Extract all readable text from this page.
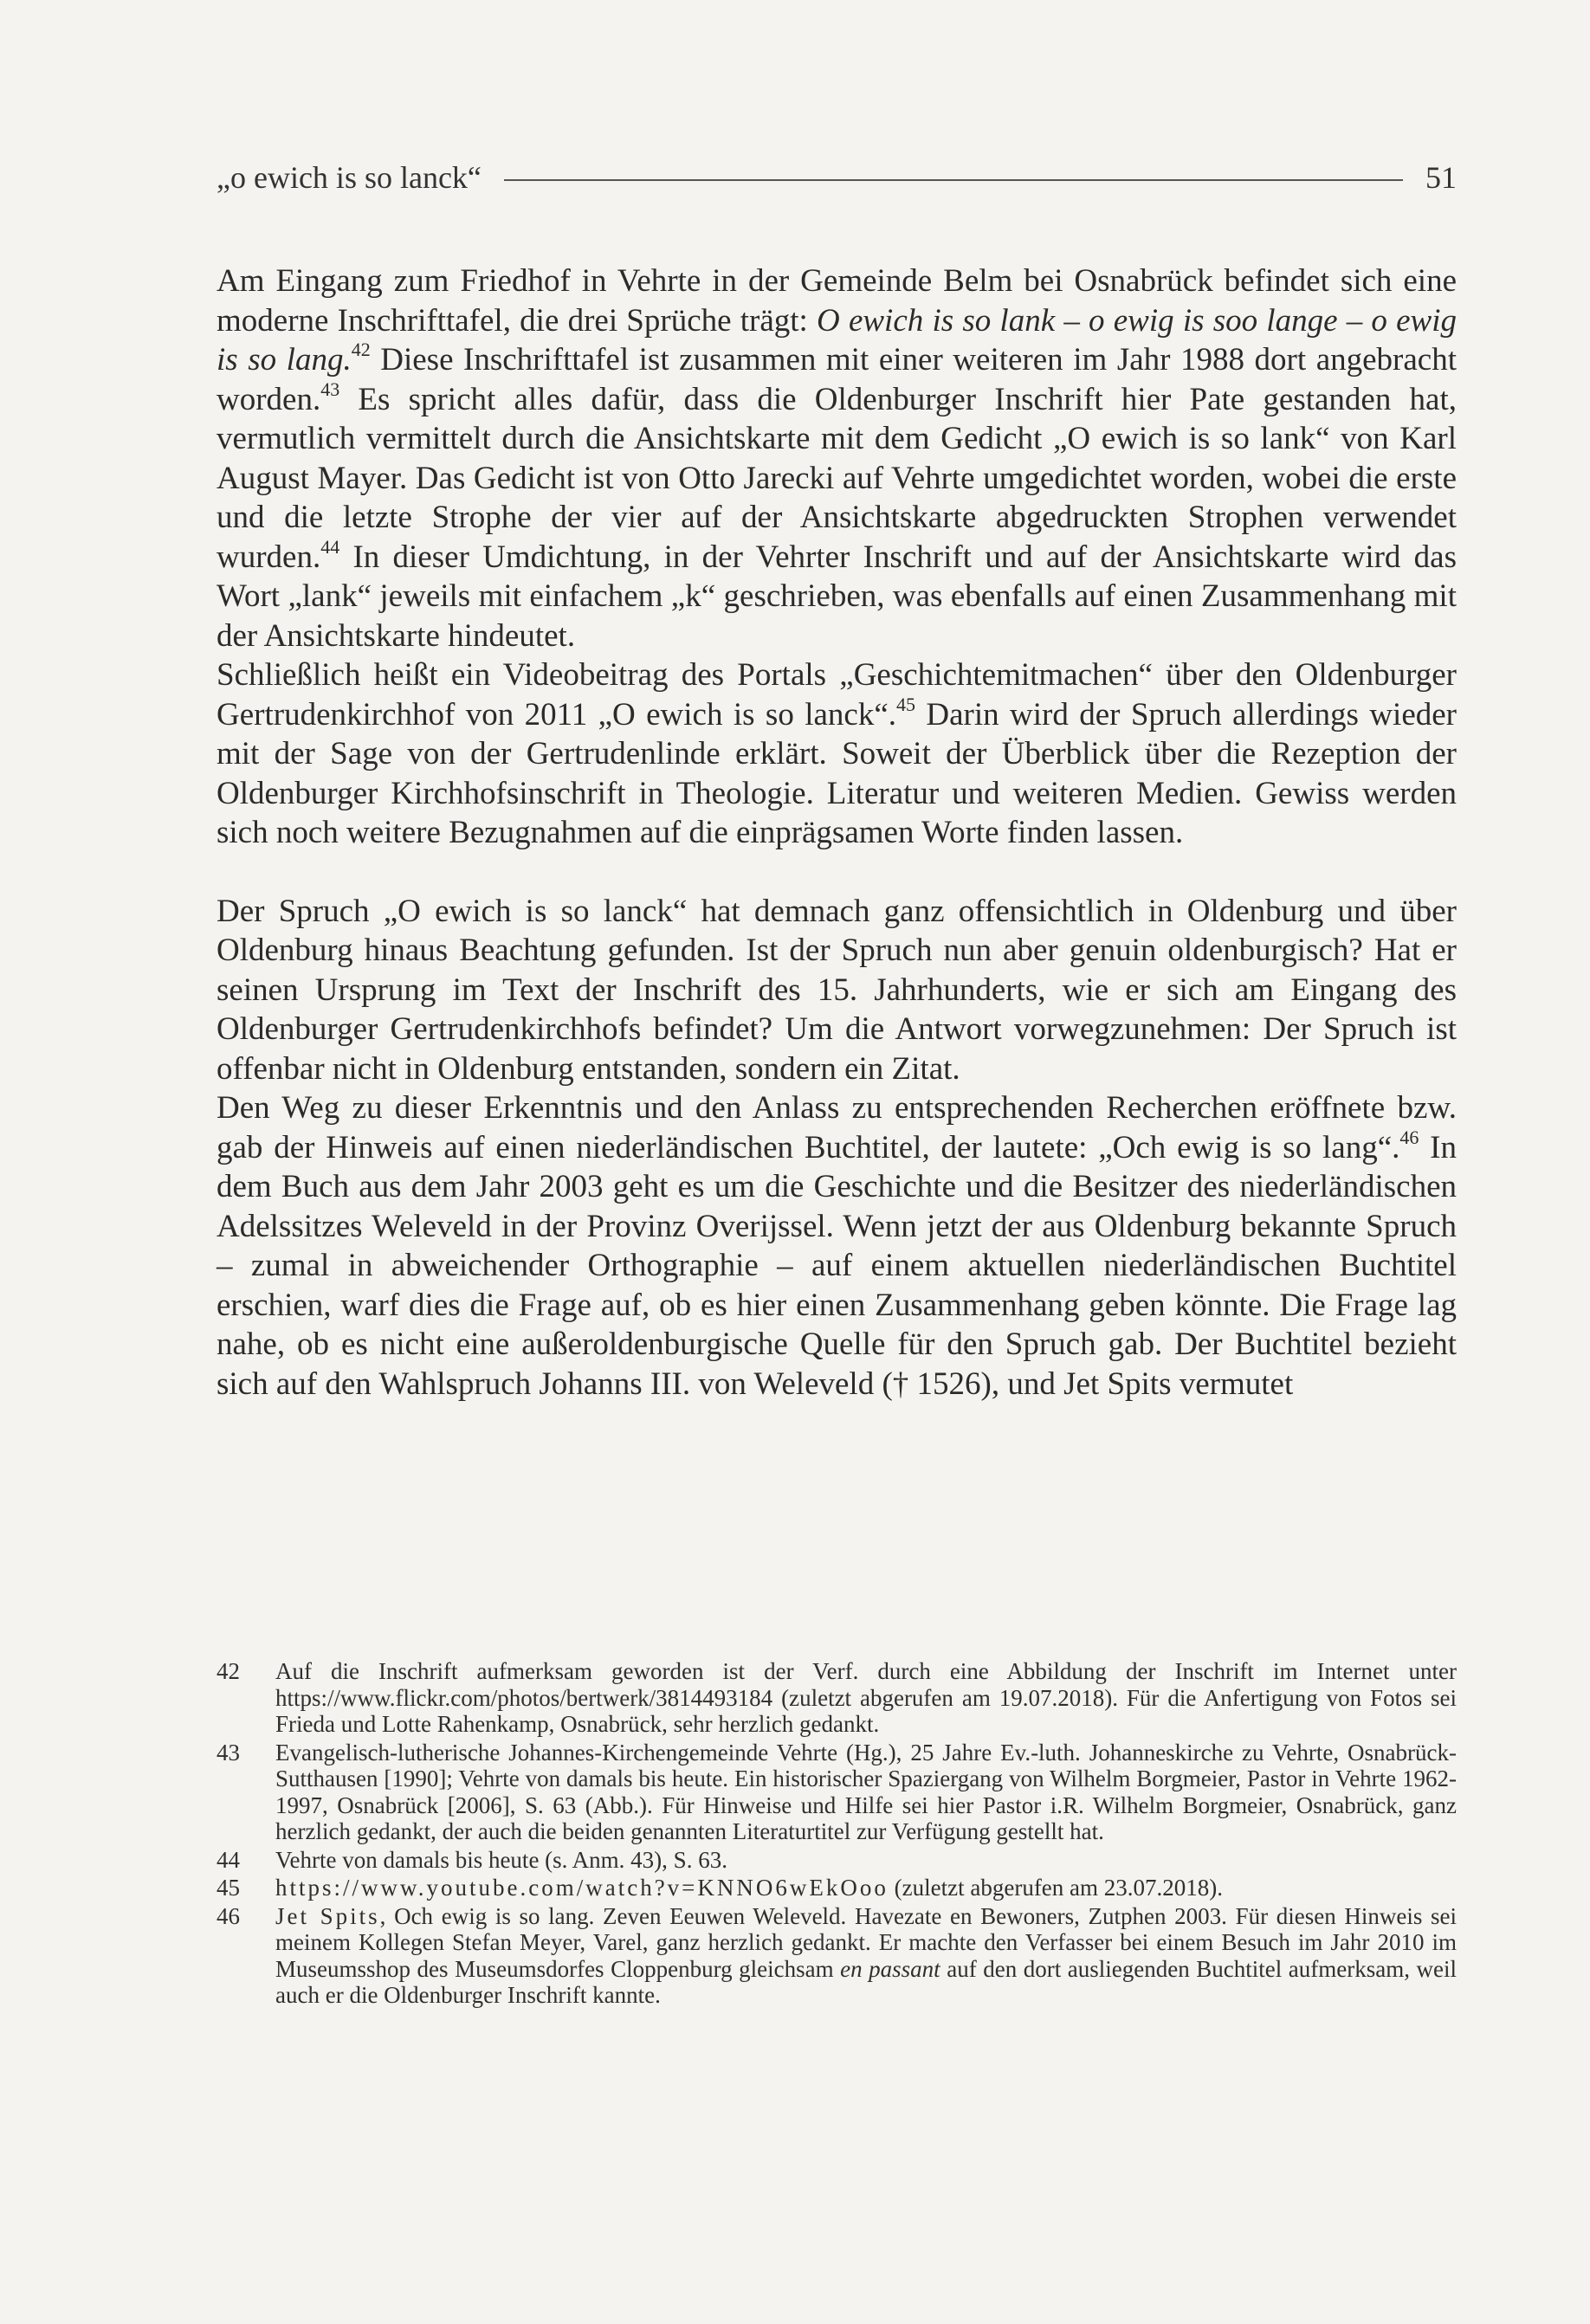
„o ewich is so lanck“	51

Am Eingang zum Friedhof in Vehrte in der Gemeinde Belm bei Osnabrück befindet sich eine moderne Inschrifttafel, die drei Sprüche trägt: O ewich is so lank – o ewig is soo lange – o ewig is so lang.$^{42}$ Diese Inschrifttafel ist zusammen mit einer weiteren im Jahr 1988 dort angebracht worden.$^{43}$ Es spricht alles dafür, dass die Oldenburger Inschrift hier Pate gestanden hat, vermutlich vermittelt durch die Ansichtskarte mit dem Gedicht „O ewich is so lank“ von Karl August Mayer. Das Gedicht ist von Otto Jarecki auf Vehrte umgedichtet worden, wobei die erste und die letzte Strophe der vier auf der Ansichtskarte abgedruckten Strophen verwendet wurden.$^{44}$ In dieser Umdichtung, in der Vehrter Inschrift und auf der Ansichtskarte wird das Wort „lank“ jeweils mit einfachem „k“ geschrieben, was ebenfalls auf einen Zusammenhang mit der Ansichtskarte hindeutet.

Schließlich heißt ein Videobeitrag des Portals „Geschichtemitmachen“ über den Oldenburger Gertrudenkirchhof von 2011 „O ewich is so lanck“.$^{45}$ Darin wird der Spruch allerdings wieder mit der Sage von der Gertrudenlinde erklärt. Soweit der Überblick über die Rezeption der Oldenburger Kirchhofsinschrift in Theologie. Literatur und weiteren Medien. Gewiss werden sich noch weitere Bezugnahmen auf die einprägsamen Worte finden lassen.

Der Spruch „O ewich is so lanck“ hat demnach ganz offensichtlich in Oldenburg und über Oldenburg hinaus Beachtung gefunden. Ist der Spruch nun aber genuin oldenburgisch? Hat er seinen Ursprung im Text der Inschrift des 15. Jahrhunderts, wie er sich am Eingang des Oldenburger Gertrudenkirchhofs befindet? Um die Antwort vorwegzunehmen: Der Spruch ist offenbar nicht in Oldenburg entstanden, sondern ein Zitat.

Den Weg zu dieser Erkenntnis und den Anlass zu entsprechenden Recherchen eröffnete bzw. gab der Hinweis auf einen niederländischen Buchtitel, der lautete: „Och ewig is so lang“.$^{46}$ In dem Buch aus dem Jahr 2003 geht es um die Geschichte und die Besitzer des niederländischen Adelssitzes Weleveld in der Provinz Overijssel. Wenn jetzt der aus Oldenburg bekannte Spruch – zumal in abweichender Orthographie – auf einem aktuellen niederländischen Buchtitel erschien, warf dies die Frage auf, ob es hier einen Zusammenhang geben könnte. Die Frage lag nahe, ob es nicht eine außeroldenburgische Quelle für den Spruch gab. Der Buchtitel bezieht sich auf den Wahlspruch Johanns III. von Weleveld († 1526), und Jet Spits vermutet

42	Auf die Inschrift aufmerksam geworden ist der Verf. durch eine Abbildung der Inschrift im Internet unter https://www.flickr.com/photos/bertwerk/3814493184 (zuletzt abgerufen am 19.07.2018). Für die Anfertigung von Fotos sei Frieda und Lotte Rahenkamp, Osnabrück, sehr herzlich gedankt.
43	Evangelisch-lutherische Johannes-Kirchengemeinde Vehrte (Hg.), 25 Jahre Ev.-luth. Johanneskirche zu Vehrte, Osnabrück-Sutthausen [1990]; Vehrte von damals bis heute. Ein historischer Spaziergang von Wilhelm Borgmeier, Pastor in Vehrte 1962-1997, Osnabrück [2006], S. 63 (Abb.). Für Hinweise und Hilfe sei hier Pastor i.R. Wilhelm Borgmeier, Osnabrück, ganz herzlich gedankt, der auch die beiden genannten Literaturtitel zur Verfügung gestellt hat.
44	Vehrte von damals bis heute (s. Anm. 43), S. 63.
45	https://www.youtube.com/watch?v=KNNO6wEkOoo (zuletzt abgerufen am 23.07.2018).
46	Jet Spits, Och ewig is so lang. Zeven Eeuwen Weleveld. Havezate en Bewoners, Zutphen 2003. Für diesen Hinweis sei meinem Kollegen Stefan Meyer, Varel, ganz herzlich gedankt. Er machte den Verfasser bei einem Besuch im Jahr 2010 im Museumsshop des Museumsdorfes Cloppenburg gleichsam en passant auf den dort ausliegenden Buchtitel aufmerksam, weil auch er die Oldenburger Inschrift kannte.
